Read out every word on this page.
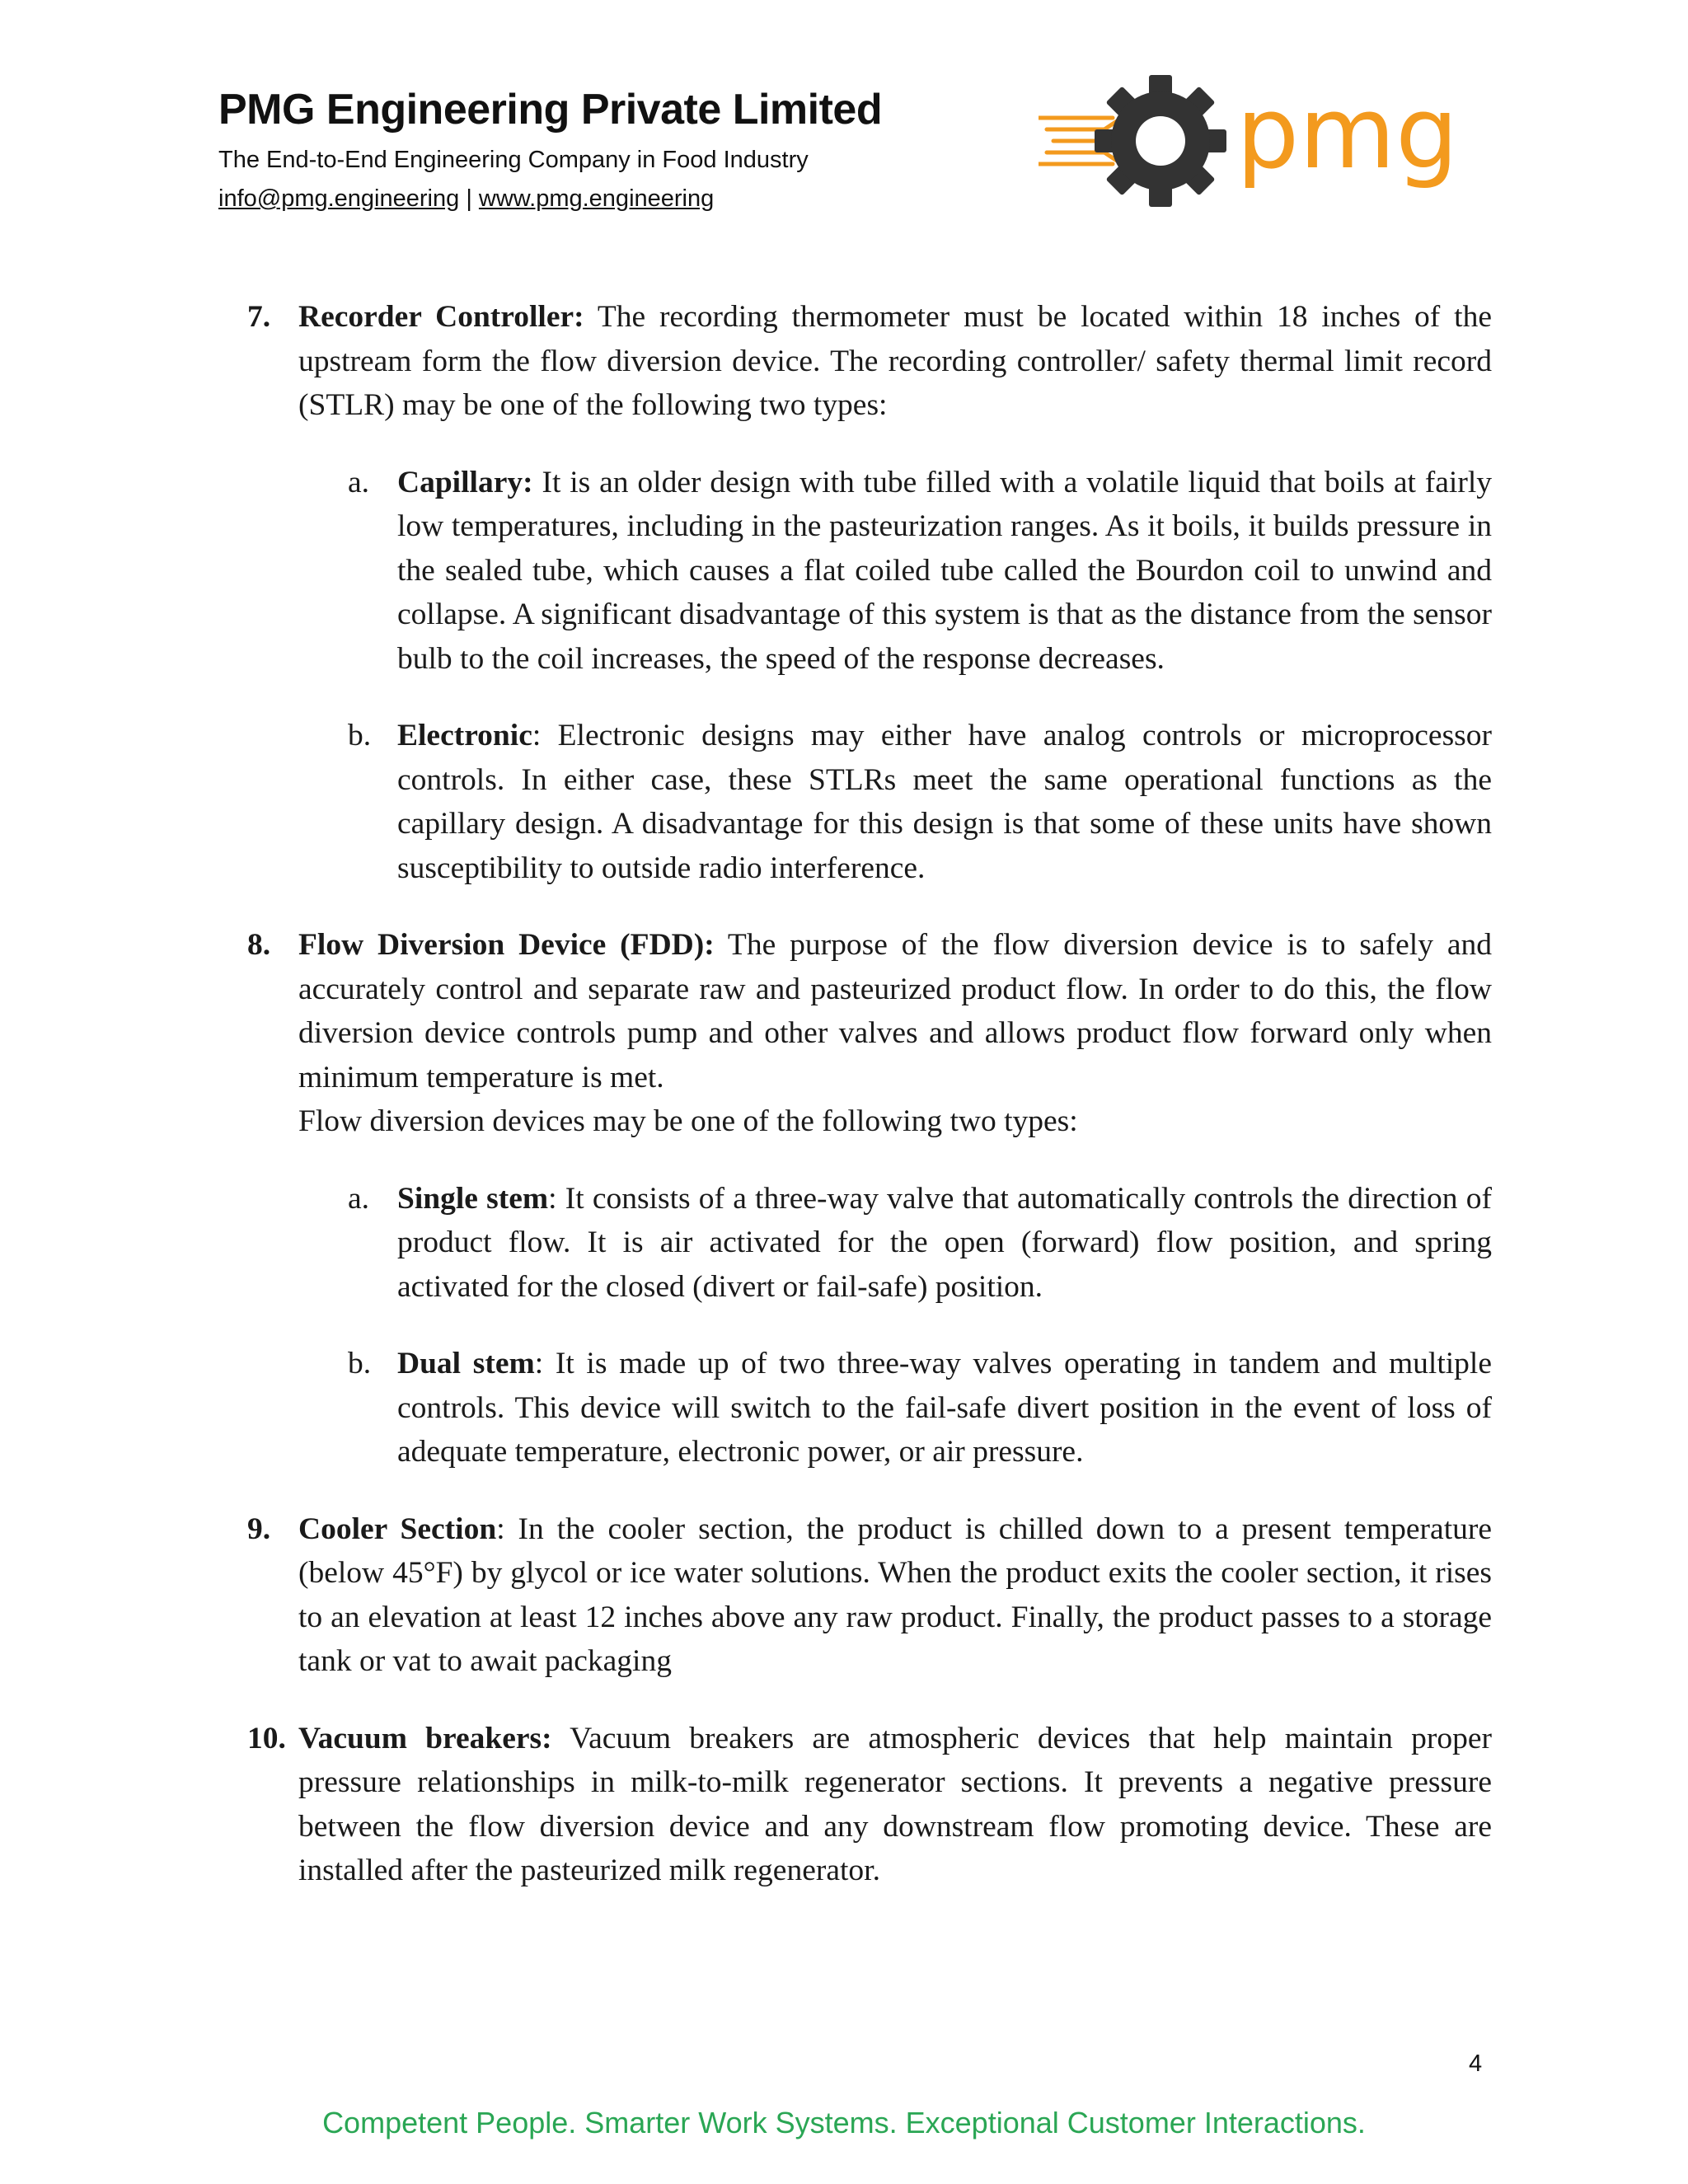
PMG Engineering Private Limited
The End-to-End Engineering Company in Food Industry
info@pmg.engineering | www.pmg.engineering
pmg
7. Recorder Controller: The recording thermometer must be located within 18 inches of the upstream form the flow diversion device. The recording controller/ safety thermal limit record (STLR) may be one of the following two types:

a. Capillary: It is an older design with tube filled with a volatile liquid that boils at fairly low temperatures, including in the pasteurization ranges. As it boils, it builds pressure in the sealed tube, which causes a flat coiled tube called the Bourdon coil to unwind and collapse. A significant disadvantage of this system is that as the distance from the sensor bulb to the coil increases, the speed of the response decreases.

b. Electronic: Electronic designs may either have analog controls or microprocessor controls. In either case, these STLRs meet the same operational functions as the capillary design. A disadvantage for this design is that some of these units have shown susceptibility to outside radio interference.

8. Flow Diversion Device (FDD): The purpose of the flow diversion device is to safely and accurately control and separate raw and pasteurized product flow. In order to do this, the flow diversion device controls pump and other valves and allows product flow forward only when minimum temperature is met.

Flow diversion devices may be one of the following two types:

a. Single stem: It consists of a three-way valve that automatically controls the direction of product flow. It is air activated for the open (forward) flow position, and spring activated for the closed (divert or fail-safe) position.

b. Dual stem: It is made up of two three-way valves operating in tandem and multiple controls. This device will switch to the fail-safe divert position in the event of loss of adequate temperature, electronic power, or air pressure.

9. Cooler Section: In the cooler section, the product is chilled down to a present temperature (below 45°F) by glycol or ice water solutions. When the product exits the cooler section, it rises to an elevation at least 12 inches above any raw product. Finally, the product passes to a storage tank or vat to await packaging

10. Vacuum breakers: Vacuum breakers are atmospheric devices that help maintain proper pressure relationships in milk-to-milk regenerator sections. It prevents a negative pressure between the flow diversion device and any downstream flow promoting device. These are installed after the pasteurized milk regenerator.

4
Competent People. Smarter Work Systems. Exceptional Customer Interactions.
